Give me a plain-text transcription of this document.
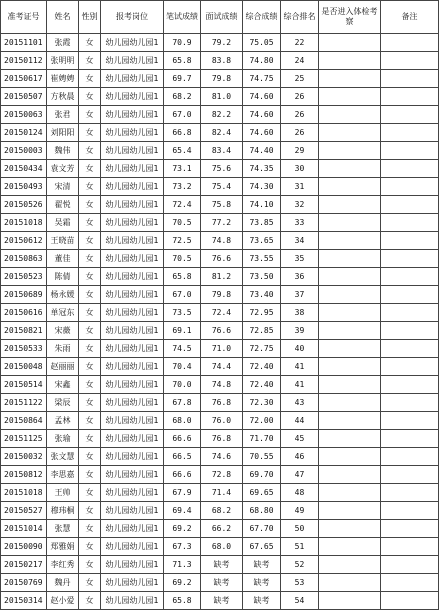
准考证号	姓名	性别	报考岗位	笔试成绩	面试成绩	综合成绩	综合排名	是否进入体检考察	备注
20151101	张霞	女	幼儿园幼儿园1	70.9	79.2	75.05	22		
20150112	张明明	女	幼儿园幼儿园1	65.8	83.8	74.80	24		
20150617	崔娉娉	女	幼儿园幼儿园1	69.7	79.8	74.75	25		
20150507	方秋晨	女	幼儿园幼儿园1	68.2	81.0	74.60	26		
20150063	张君	女	幼儿园幼儿园1	67.0	82.2	74.60	26		
20150124	刘阳阳	女	幼儿园幼儿园1	66.8	82.4	74.60	26		
20150003	魏伟	女	幼儿园幼儿园1	65.4	83.4	74.40	29		
20150434	袁文芳	女	幼儿园幼儿园1	73.1	75.6	74.35	30		
20150493	宋清	女	幼儿园幼儿园1	73.2	75.4	74.30	31		
20150526	翟悦	女	幼儿园幼儿园1	72.4	75.8	74.10	32		
20151018	吴霜	女	幼儿园幼儿园1	70.5	77.2	73.85	33		
20150612	王晓苗	女	幼儿园幼儿园1	72.5	74.8	73.65	34		
20150863	董佳	女	幼儿园幼儿园1	70.5	76.6	73.55	35		
20150523	陈倩	女	幼儿园幼儿园1	65.8	81.2	73.50	36		
20150689	杨永媛	女	幼儿园幼儿园1	67.0	79.8	73.40	37		
20150616	单冠东	女	幼儿园幼儿园1	73.5	72.4	72.95	38		
20150821	宋薇	女	幼儿园幼儿园1	69.1	76.6	72.85	39		
20150533	朱雨	女	幼儿园幼儿园1	74.5	71.0	72.75	40		
20150048	赵丽丽	女	幼儿园幼儿园1	70.4	74.4	72.40	41		
20150514	宋鑫	女	幼儿园幼儿园1	70.0	74.8	72.40	41		
20151122	梁辰	女	幼儿园幼儿园1	67.8	76.8	72.30	43		
20150864	孟林	女	幼儿园幼儿园1	68.0	76.0	72.00	44		
20151125	张瑜	女	幼儿园幼儿园1	66.6	76.8	71.70	45		
20150032	张文慧	女	幼儿园幼儿园1	66.5	74.6	70.55	46		
20150812	李思嘉	女	幼儿园幼儿园1	66.6	72.8	69.70	47		
20151018	王帅	女	幼儿园幼儿园1	67.9	71.4	69.65	48		
20150527	穆玮桐	女	幼儿园幼儿园1	69.4	68.2	68.80	49		
20151014	张慧	女	幼儿园幼儿园1	69.2	66.2	67.70	50		
20150090	郑雅娟	女	幼儿园幼儿园1	67.3	68.0	67.65	51		
20150217	李红秀	女	幼儿园幼儿园1	71.3	缺考	缺考	52		
20150769	魏丹	女	幼儿园幼儿园1	69.2	缺考	缺考	53		
20150314	赵小爱	女	幼儿园幼儿园1	65.8	缺考	缺考	54		
